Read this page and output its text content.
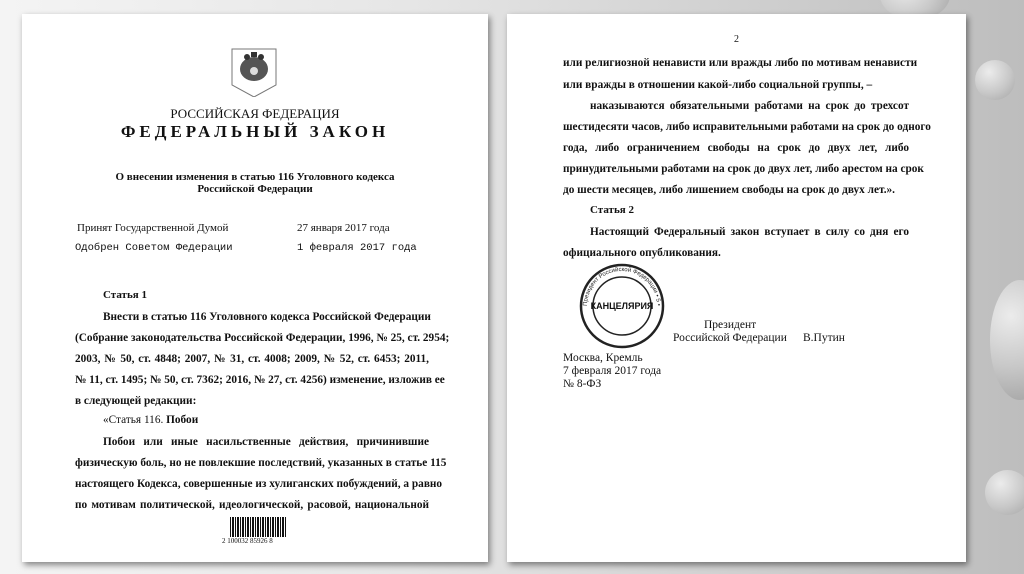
РОССИЙСКАЯ ФЕДЕРАЦИЯ
ФЕДЕРАЛЬНЫЙ ЗАКОН
О внесении изменения в статью 116 Уголовного кодекса
Российской Федерации
Принят Государственной Думой	27 января 2017 года
Одобрен Советом Федерации	1 февраля 2017 года
Статья 1
Внести в статью 116 Уголовного кодекса Российской Федерации
(Собрание законодательства Российской Федерации, 1996, № 25, ст. 2954;
2003, № 50, ст. 4848; 2007, № 31, ст. 4008; 2009, № 52, ст. 6453; 2011,
№ 11, ст. 1495; № 50, ст. 7362; 2016, № 27, ст. 4256) изменение, изложив ее
в следующей редакции:
«Статья 116. Побои
Побои или иные насильственные действия, причинившие
физическую боль, но не повлекшие последствий, указанных в статье 115
настоящего Кодекса, совершенные из хулиганских побуждений, а равно
по мотивам политической, идеологической, расовой, национальной
2 100032 85926 8
2
или религиозной ненависти или вражды либо по мотивам ненависти
или вражды в отношении какой-либо социальной группы, –
наказываются обязательными работами на срок до трехсот
шестидесяти часов, либо исправительными работами на срок до одного
года, либо ограничением свободы на срок до двух лет, либо
принудительными работами на срок до двух лет, либо арестом на срок
до шести месяцев, либо лишением свободы на срок до двух лет.».
Статья 2
Настоящий Федеральный закон вступает в силу со дня его
официального опубликования.
Президент
Российской Федерации В.Путин
Президент Российской Федерации • 5 •
КАНЦЕЛЯРИЯ
Москва, Кремль
7 февраля 2017 года
№ 8-ФЗ
